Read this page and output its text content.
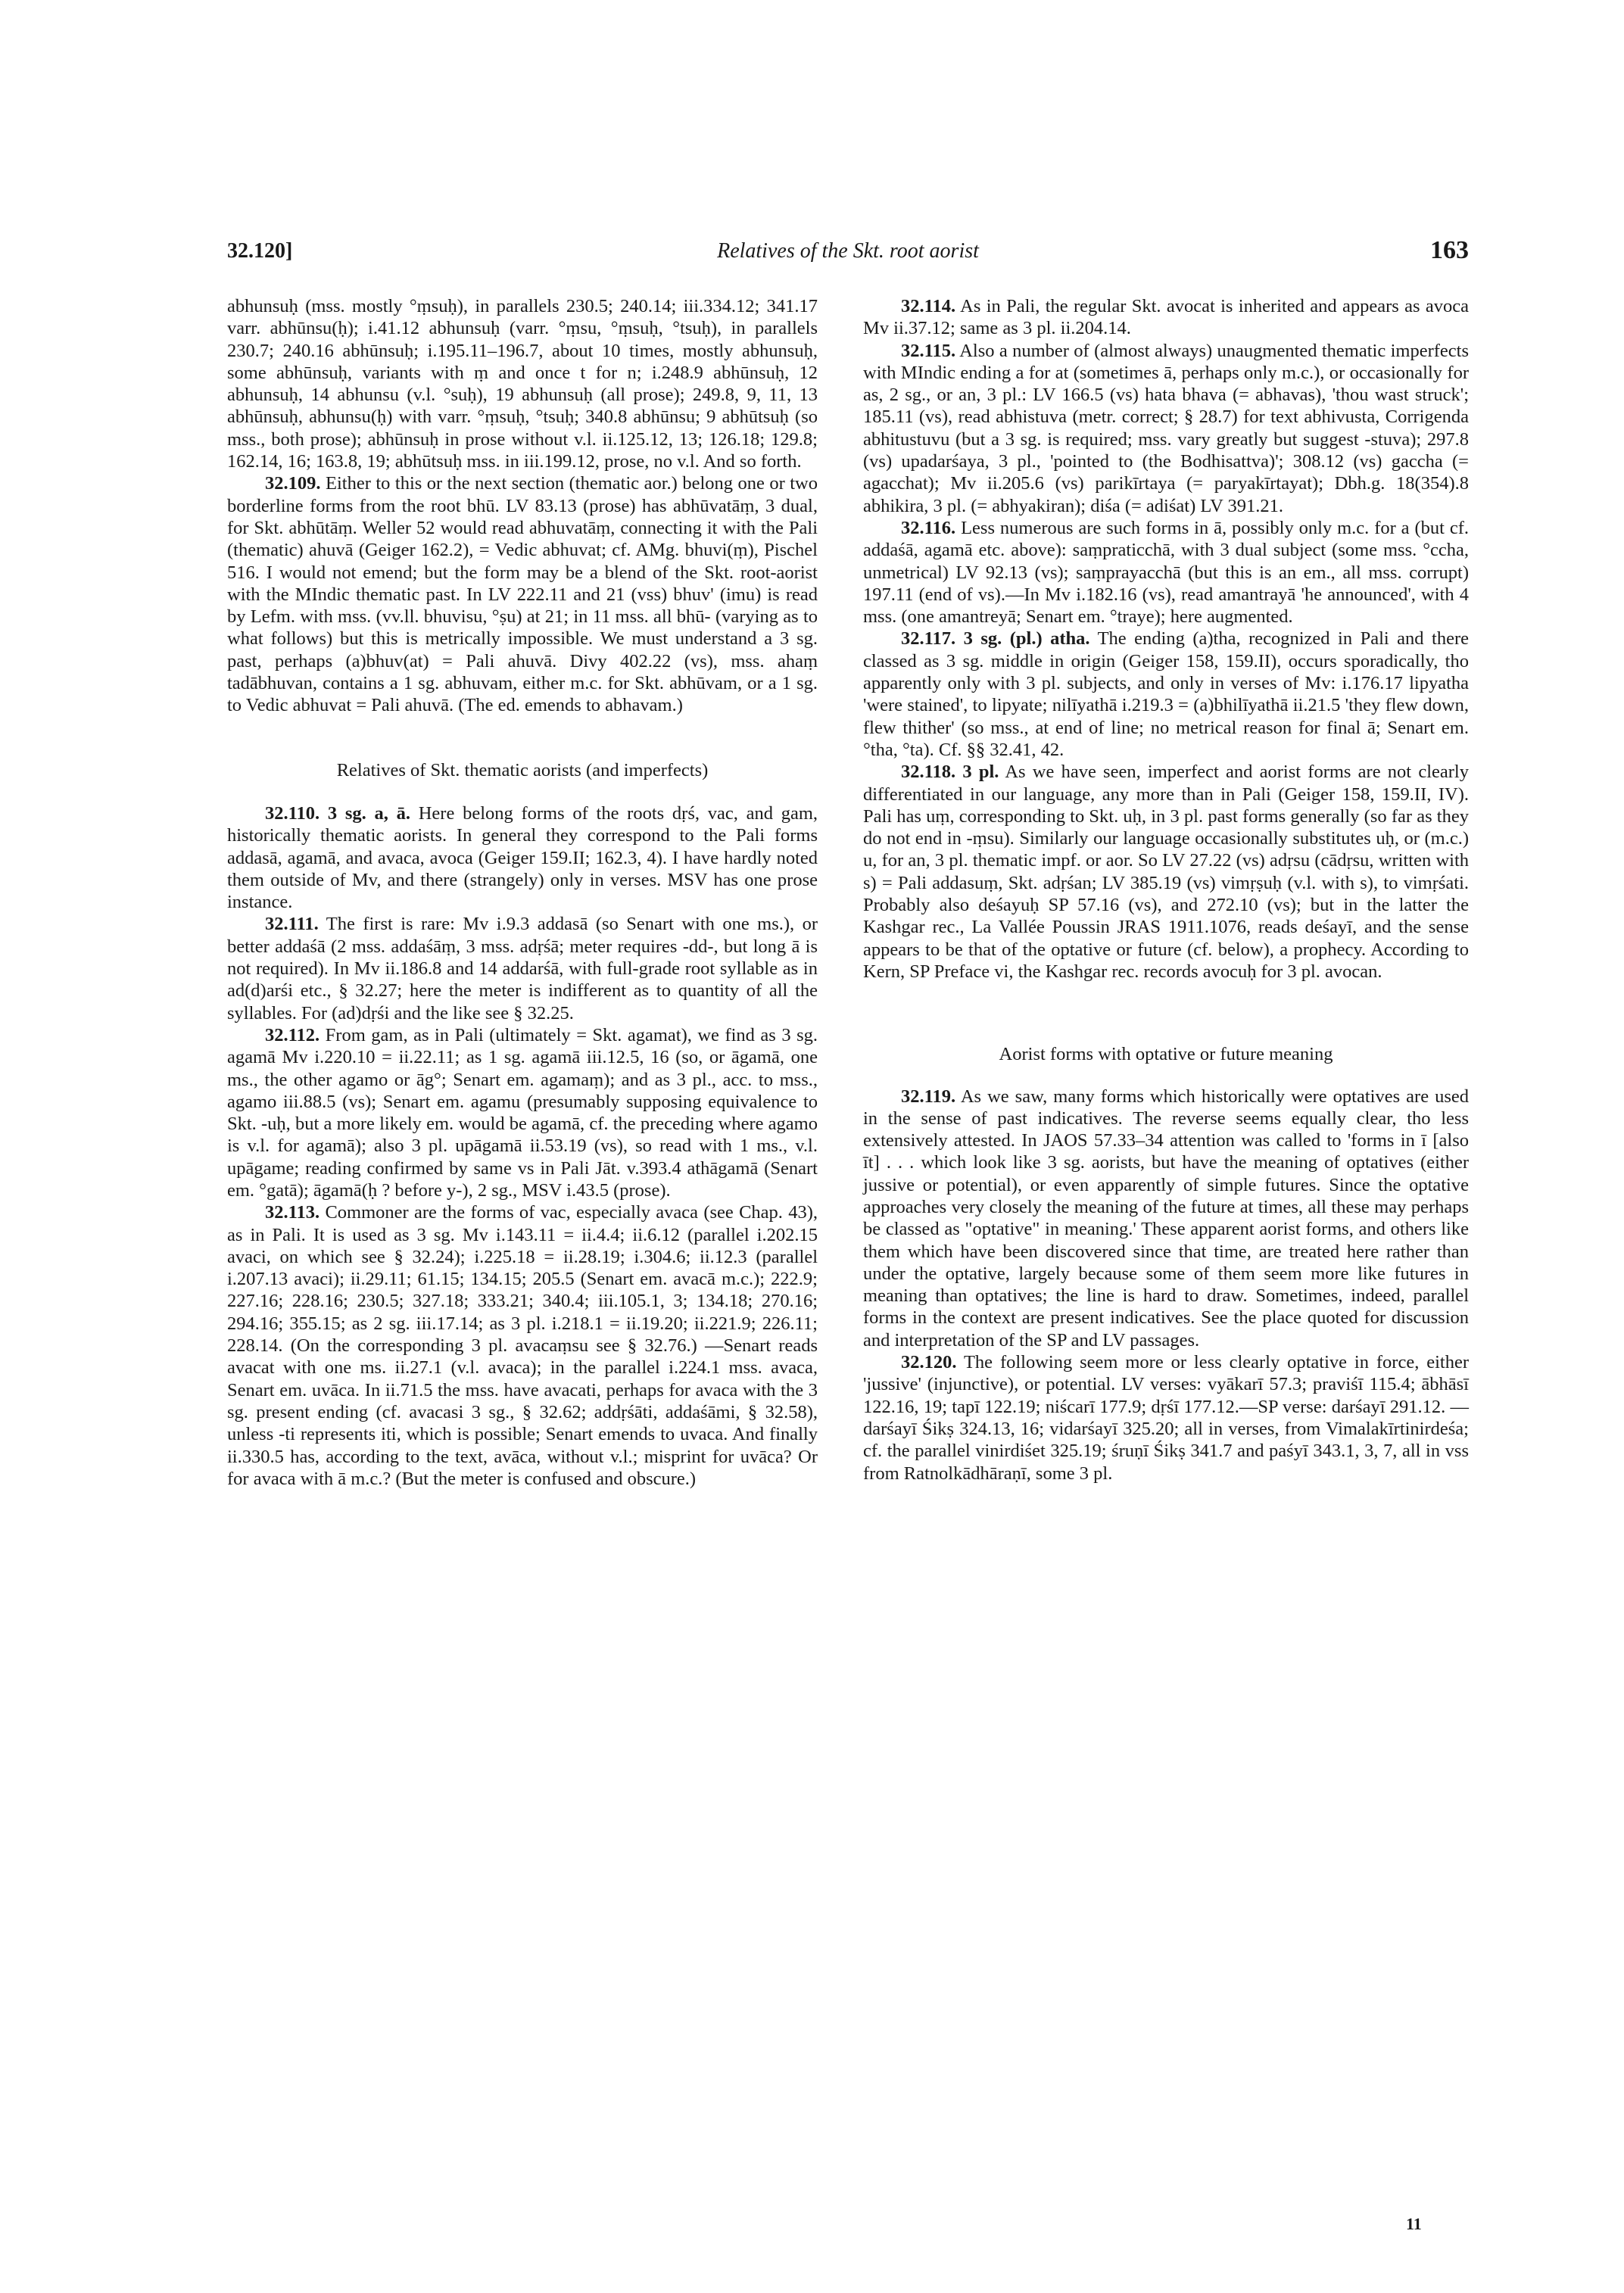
32.120]	Relatives of the Skt. root aorist	163

abhunsuḥ (mss. mostly °ṃsuḥ), in parallels 230.5; 240.14; iii.334.12; 341.17 varr. abhūnsu(ḥ); i.41.12 abhunsuḥ (varr. °ṃsu, °ṃsuḥ, °tsuḥ), in parallels 230.7; 240.16 abhūnsuḥ; i.195.11–196.7, about 10 times, mostly abhunsuḥ, some abhūnsuḥ, variants with ṃ and once t for n; i.248.9 abhūnsuḥ, 12 abhunsuḥ, 14 abhunsu (v.l. °suḥ), 19 abhunsuḥ (all prose); 249.8, 9, 11, 13 abhūnsuḥ, abhunsu(ḥ) with varr. °ṃsuḥ, °tsuḥ; 340.8 abhūnsu; 9 abhūtsuḥ (so mss., both prose); abhūnsuḥ in prose without v.l. ii.125.12, 13; 126.18; 129.8; 162.14, 16; 163.8, 19; abhūtsuḥ mss. in iii.199.12, prose, no v.l. And so forth.

32.109. Either to this or the next section (thematic aor.) belong one or two borderline forms from the root bhū. LV 83.13 (prose) has abhūvatāṃ, 3 dual, for Skt. abhūtāṃ. Weller 52 would read abhuvatāṃ, connecting it with the Pali (thematic) ahuvā (Geiger 162.2), = Vedic abhuvat; cf. AMg. bhuvi(ṃ), Pischel 516. I would not emend; but the form may be a blend of the Skt. root-aorist with the MIndic thematic past. In LV 222.11 and 21 (vss) bhuv' (imu) is read by Lefm. with mss. (vv.ll. bhuvisu, °ṣu) at 21; in 11 mss. all bhū- (varying as to what follows) but this is metrically impossible. We must understand a 3 sg. past, perhaps (a)bhuv(at) = Pali ahuvā. Divy 402.22 (vs), mss. ahaṃ tadābhuvan, contains a 1 sg. abhuvam, either m.c. for Skt. abhūvam, or a 1 sg. to Vedic abhuvat = Pali ahuvā. (The ed. emends to abhavam.)

Relatives of Skt. thematic aorists (and imperfects)

32.110. 3 sg. a, ā. Here belong forms of the roots dṛś, vac, and gam, historically thematic aorists. In general they correspond to the Pali forms addasā, agamā, and avaca, avoca (Geiger 159.II; 162.3, 4). I have hardly noted them outside of Mv, and there (strangely) only in verses. MSV has one prose instance.

32.111. The first is rare: Mv i.9.3 addasā (so Senart with one ms.), or better addaśā (2 mss. addaśāṃ, 3 mss. adṛśā; meter requires -dd-, but long ā is not required). In Mv ii.186.8 and 14 addarśā, with full-grade root syllable as in ad(d)arśi etc., § 32.27; here the meter is indifferent as to quantity of all the syllables. For (ad)dṛśi and the like see § 32.25.

32.112. From gam, as in Pali (ultimately = Skt. agamat), we find as 3 sg. agamā Mv i.220.10 = ii.22.11; as 1 sg. agamā iii.12.5, 16 (so, or āgamā, one ms., the other agamo or āg°; Senart em. agamaṃ); and as 3 pl., acc. to mss., agamo iii.88.5 (vs); Senart em. agamu (presumably supposing equivalence to Skt. -uḥ, but a more likely em. would be agamā, cf. the preceding where agamo is v.l. for agamā); also 3 pl. upāgamā ii.53.19 (vs), so read with 1 ms., v.l. upāgame; reading confirmed by same vs in Pali Jāt. v.393.4 athāgamā (Senart em. °gatā); āgamā(ḥ ? before y-), 2 sg., MSV i.43.5 (prose).

32.113. Commoner are the forms of vac, especially avaca (see Chap. 43), as in Pali. It is used as 3 sg. Mv i.143.11 = ii.4.4; ii.6.12 (parallel i.202.15 avaci, on which see § 32.24); i.225.18 = ii.28.19; i.304.6; ii.12.3 (parallel i.207.13 avaci); ii.29.11; 61.15; 134.15; 205.5 (Senart em. avacā m.c.); 222.9; 227.16; 228.16; 230.5; 327.18; 333.21; 340.4; iii.105.1, 3; 134.18; 270.16; 294.16; 355.15; as 2 sg. iii.17.14; as 3 pl. i.218.1 = ii.19.20; ii.221.9; 226.11; 228.14. (On the corresponding 3 pl. avacaṃsu see § 32.76.) —Senart reads avacat with one ms. ii.27.1 (v.l. avaca); in the parallel i.224.1 mss. avaca, Senart em. uvāca. In ii.71.5 the mss. have avacati, perhaps for avaca with the 3 sg. present ending (cf. avacasi 3 sg., § 32.62; addṛśāti, addaśāmi, § 32.58), unless -ti represents iti, which is possible; Senart emends to uvaca. And finally ii.330.5 has, according to the text, avāca, without v.l.; misprint for uvāca? Or for avaca with ā m.c.? (But the meter is confused and obscure.)

32.114. As in Pali, the regular Skt. avocat is inherited and appears as avoca Mv ii.37.12; same as 3 pl. ii.204.14.

32.115. Also a number of (almost always) unaugmented thematic imperfects with MIndic ending a for at (sometimes ā, perhaps only m.c.), or occasionally for as, 2 sg., or an, 3 pl.: LV 166.5 (vs) hata bhava (= abhavas), 'thou wast struck'; 185.11 (vs), read abhistuva (metr. correct; § 28.7) for text abhivusta, Corrigenda abhitustuvu (but a 3 sg. is required; mss. vary greatly but suggest -stuva); 297.8 (vs) upadarśaya, 3 pl., 'pointed to (the Bodhisattva)'; 308.12 (vs) gaccha (= agacchat); Mv ii.205.6 (vs) parikīrtaya (= paryakīrtayat); Dbh.g. 18(354).8 abhikira, 3 pl. (= abhyakiran); diśa (= adiśat) LV 391.21.

32.116. Less numerous are such forms in ā, possibly only m.c. for a (but cf. addaśā, agamā etc. above): saṃpraticchā, with 3 dual subject (some mss. °ccha, unmetrical) LV 92.13 (vs); saṃprayacchā (but this is an em., all mss. corrupt) 197.11 (end of vs).—In Mv i.182.16 (vs), read amantrayā 'he announced', with 4 mss. (one amantreyā; Senart em. °traye); here augmented.

32.117. 3 sg. (pl.) atha. The ending (a)tha, recognized in Pali and there classed as 3 sg. middle in origin (Geiger 158, 159.II), occurs sporadically, tho apparently only with 3 pl. subjects, and only in verses of Mv: i.176.17 lipyatha 'were stained', to lipyate; nilīyathā i.219.3 = (a)bhilīyathā ii.21.5 'they flew down, flew thither' (so mss., at end of line; no metrical reason for final ā; Senart em. °tha, °ta). Cf. §§ 32.41, 42.

32.118. 3 pl. As we have seen, imperfect and aorist forms are not clearly differentiated in our language, any more than in Pali (Geiger 158, 159.II, IV). Pali has uṃ, corresponding to Skt. uḥ, in 3 pl. past forms generally (so far as they do not end in -ṃsu). Similarly our language occasionally substitutes uḥ, or (m.c.) u, for an, 3 pl. thematic impf. or aor. So LV 27.22 (vs) adṛsu (cādṛsu, written with s) = Pali addasuṃ, Skt. adṛśan; LV 385.19 (vs) vimṛṣuḥ (v.l. with s), to vimṛśati. Probably also deśayuḥ SP 57.16 (vs), and 272.10 (vs); but in the latter the Kashgar rec., La Vallée Poussin JRAS 1911.1076, reads deśayī, and the sense appears to be that of the optative or future (cf. below), a prophecy. According to Kern, SP Preface vi, the Kashgar rec. records avocuḥ for 3 pl. avocan.

Aorist forms with optative or future meaning

32.119. As we saw, many forms which historically were optatives are used in the sense of past indicatives. The reverse seems equally clear, tho less extensively attested. In JAOS 57.33–34 attention was called to 'forms in ī [also īt] . . . which look like 3 sg. aorists, but have the meaning of optatives (either jussive or potential), or even apparently of simple futures. Since the optative approaches very closely the meaning of the future at times, all these may perhaps be classed as "optative" in meaning.' These apparent aorist forms, and others like them which have been discovered since that time, are treated here rather than under the optative, largely because some of them seem more like futures in meaning than optatives; the line is hard to draw. Sometimes, indeed, parallel forms in the context are present indicatives. See the place quoted for discussion and interpretation of the SP and LV passages.

32.120. The following seem more or less clearly optative in force, either 'jussive' (injunctive), or potential. LV verses: vyākarī 57.3; praviśī 115.4; ābhāsī 122.16, 19; tapī 122.19; niścarī 177.9; dṛśī 177.12.—SP verse: darśayī 291.12. — darśayī Śikṣ 324.13, 16; vidarśayī 325.20; all in verses, from Vimalakīrtinirdeśa; cf. the parallel vinirdiśet 325.19; śruṇī Śikṣ 341.7 and paśyī 343.1, 3, 7, all in vss from Ratnolkādhāraṇī, some 3 pl.

11
